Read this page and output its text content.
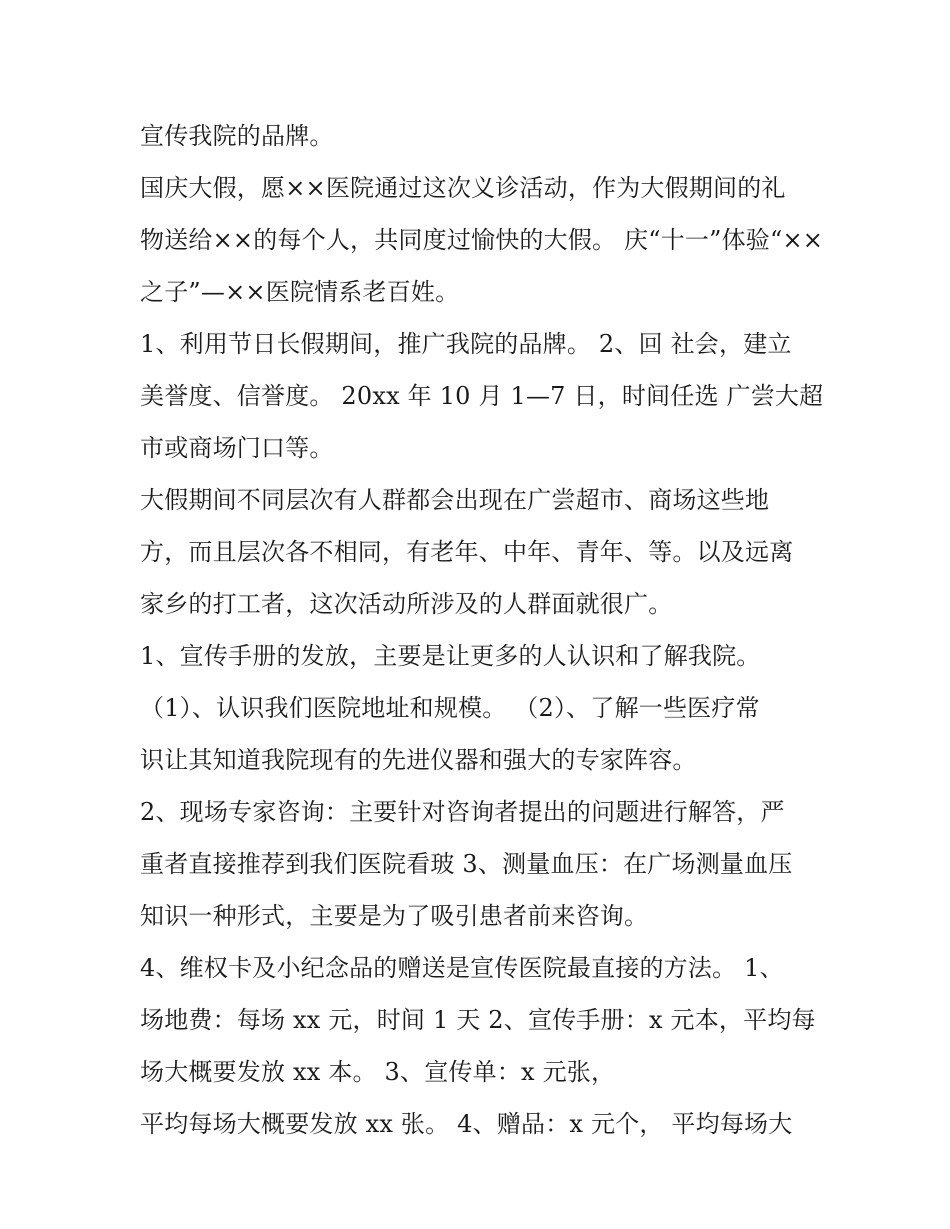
宣传我院的品牌。
国庆大假，愿××医院通过这次义诊活动，作为大假期间的礼
物送给××的每个人，共同度过愉快的大假。 庆“十一”体验“××
之子”—××医院情系老百姓。
1、利用节日长假期间，推广我院的品牌。 2、回 社会，建立
美誉度、信誉度。 20xx 年 10 月 1—7 日，时间任选 广尝大超
市或商场门口等。
大假期间不同层次有人群都会出现在广尝超市、商场这些地
方，而且层次各不相同，有老年、中年、青年、等。以及远离
家乡的打工者，这次活动所涉及的人群面就很广。
1、宣传手册的发放，主要是让更多的人认识和了解我院。
（1）、认识我们医院地址和规模。 （2）、了解一些医疗常
识让其知道我院现有的先进仪器和强大的专家阵容。
2、现场专家咨询：主要针对咨询者提出的问题进行解答，严
重者直接推荐到我们医院看玻 3、测量血压：在广场测量血压
知识一种形式，主要是为了吸引患者前来咨询。
4、维权卡及小纪念品的赠送是宣传医院最直接的方法。 1、
场地费：每场 xx 元，时间 1 天 2、宣传手册：x 元本，平均每
场大概要发放 xx 本。 3、宣传单：x 元张，
平均每场大概要发放 xx 张。 4、赠品：x 元个， 平均每场大
